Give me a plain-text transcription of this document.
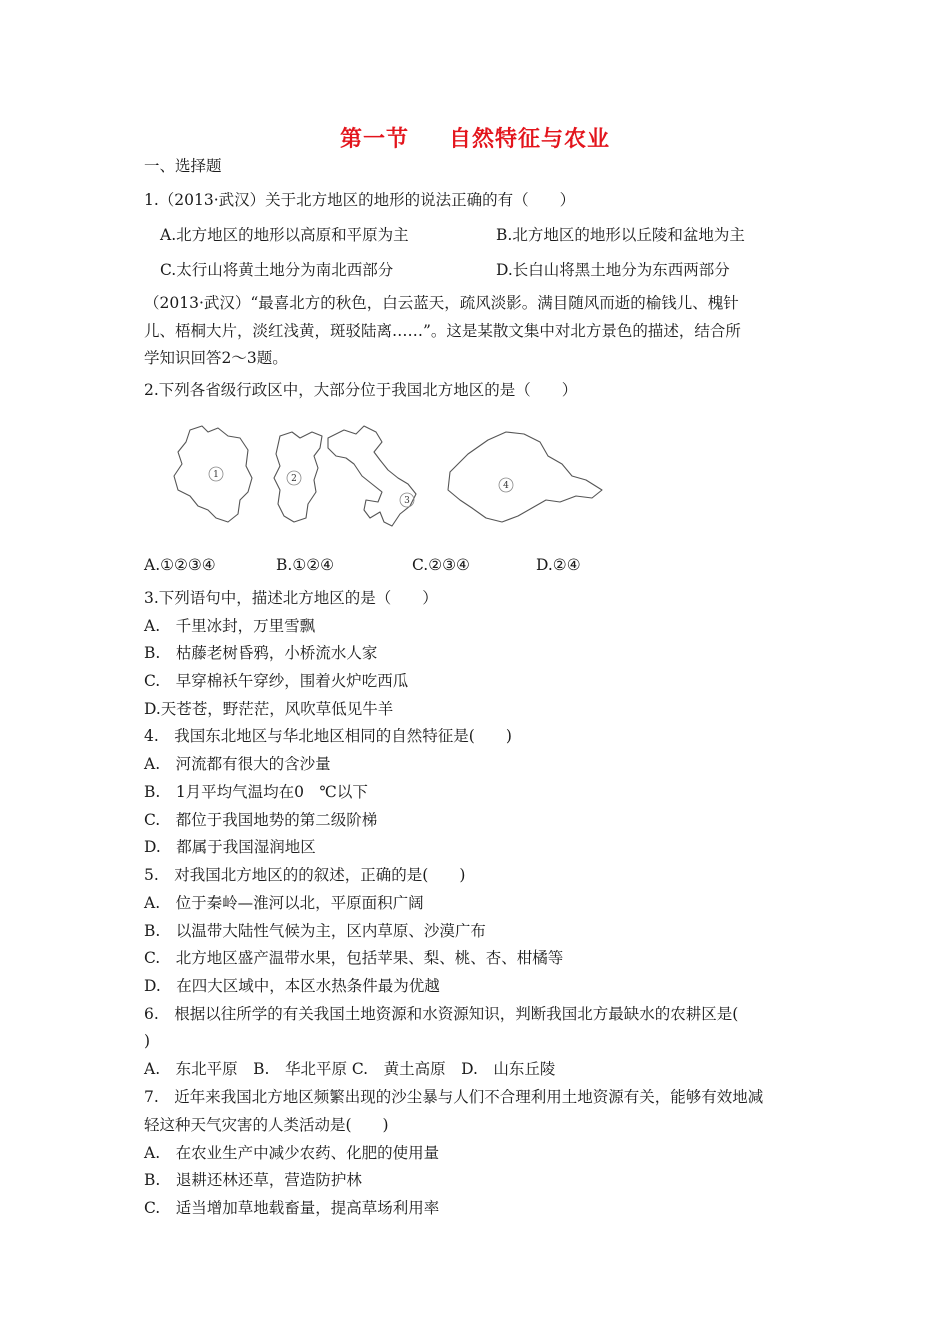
第一节 自然特征与农业
一、选择题
1.（2013·武汉）关于北方地区的地形的说法正确的有（　　）
A.北方地区的地形以高原和平原为主	B.北方地区的地形以丘陵和盆地为主
C.太行山将黄土地分为南北西部分	D.长白山将黑土地分为东西两部分
（2013·武汉）“最喜北方的秋色，白云蓝天，疏风淡影。满目随风而逝的榆钱儿、槐针
儿、梧桐大片，淡红浅黄，斑驳陆离……”。这是某散文集中对北方景色的描述，结合所
学知识回答2～3题。
2.下列各省级行政区中，大部分位于我国北方地区的是（　　）
1	2
3
4
A.①②③④	B.①②④	C.②③④	D.②④
3.下列语句中，描述北方地区的是（　　）
A.　千里冰封，万里雪飘
B.　枯藤老树昏鸦，小桥流水人家
C.　早穿棉袄午穿纱，围着火炉吃西瓜
D.天苍苍，野茫茫，风吹草低见牛羊
4.　我国东北地区与华北地区相同的自然特征是(　　)
A.　河流都有很大的含沙量
B.　1月平均气温均在0　℃以下
C.　都位于我国地势的第二级阶梯
D.　都属于我国湿润地区
5.　对我国北方地区的的叙述，正确的是(　　)
A.　位于秦岭—淮河以北，平原面积广阔
B.　以温带大陆性气候为主，区内草原、沙漠广布
C.　北方地区盛产温带水果，包括苹果、梨、桃、杏、柑橘等
D.　在四大区域中，本区水热条件最为优越
6.　根据以往所学的有关我国土地资源和水资源知识，判断我国北方最缺水的农耕区是(
)
A.　东北平原　B.　华北平原 C.　黄土高原　D.　山东丘陵
7.　近年来我国北方地区频繁出现的沙尘暴与人们不合理利用土地资源有关，能够有效地减
轻这种天气灾害的人类活动是(　　)
A.　在农业生产中减少农药、化肥的使用量
B.　退耕还林还草，营造防护林
C.　适当增加草地载畜量，提高草场利用率
